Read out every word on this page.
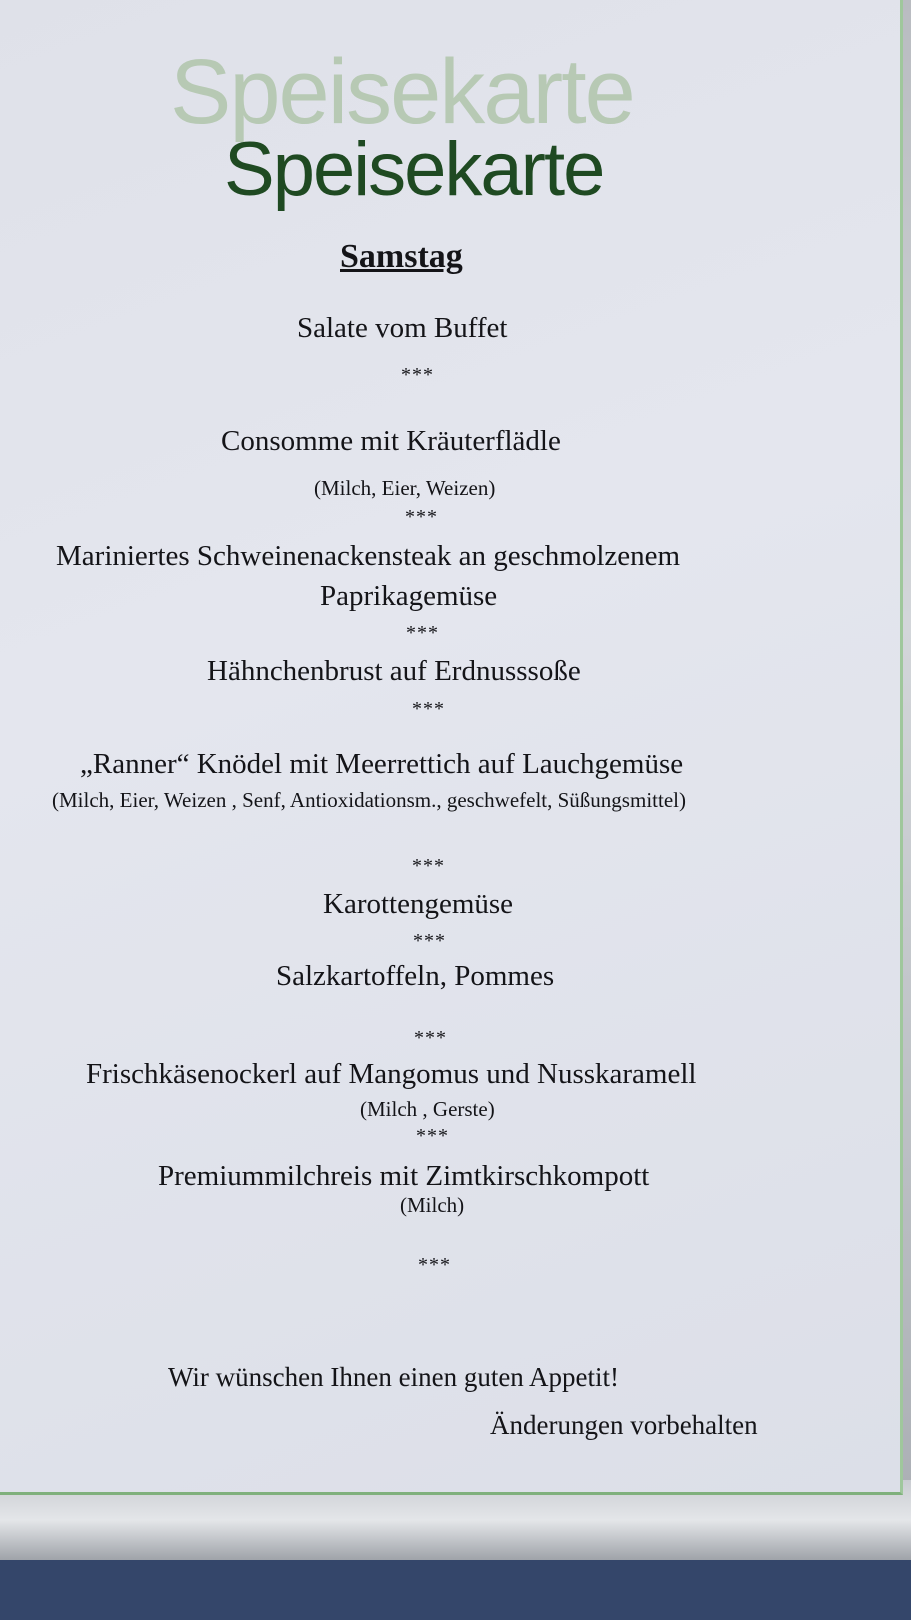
Speisekarte
Speisekarte
Samstag
Salate vom Buffet
***
Consomme mit Kräuterflädle
(Milch, Eier, Weizen)
***
Mariniertes Schweinenackensteak an geschmolzenem
Paprikagemüse
***
Hähnchenbrust auf Erdnusssoße
***
„Ranner“ Knödel mit Meerrettich auf Lauchgemüse
(Milch, Eier, Weizen , Senf, Antioxidationsm., geschwefelt, Süßungsmittel)
***
Karottengemüse
***
Salzkartoffeln, Pommes
***
Frischkäsenockerl auf Mangomus und Nusskaramell
(Milch , Gerste)
***
Premiummilchreis mit Zimtkirschkompott
(Milch)
***
Wir wünschen Ihnen einen guten Appetit!
Änderungen vorbehalten
